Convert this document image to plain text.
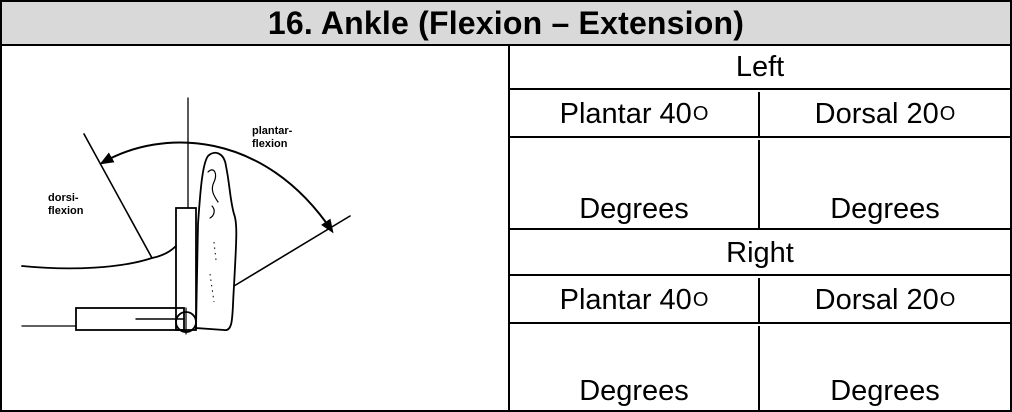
16. Ankle (Flexion – Extension)
plantar-
flexion
dorsi-
flexion
Left
Plantar 40 O	Dorsal 20 O
Degrees	Degrees
Right
Plantar 40 O	Dorsal 20 O
Degrees	Degrees
